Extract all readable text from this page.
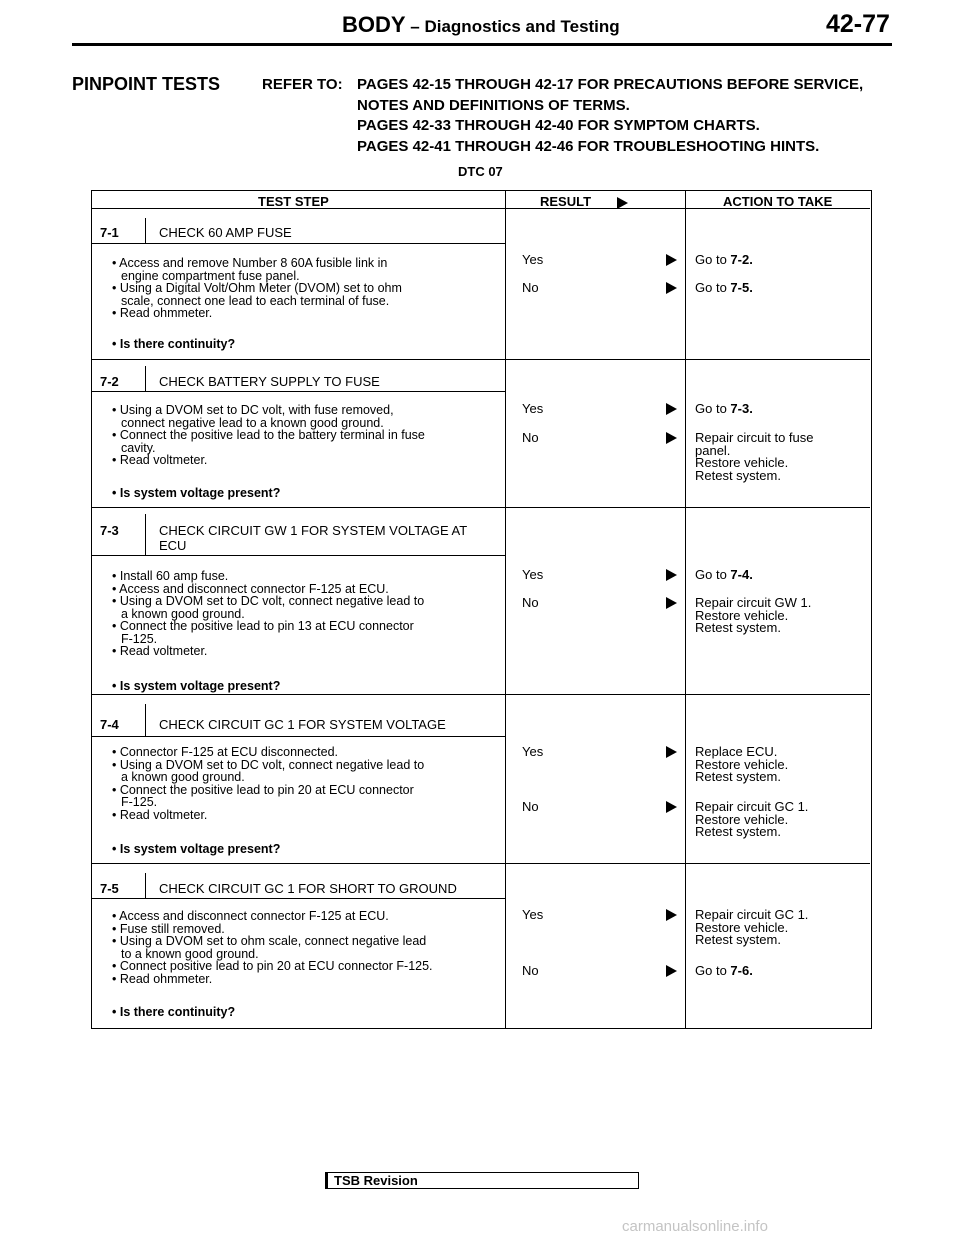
BODY – Diagnostics and Testing	42-77
PINPOINT TESTS	REFER TO: PAGES 42-15 THROUGH 42-17 FOR PRECAUTIONS BEFORE SERVICE,
NOTES AND DEFINITIONS OF TERMS.
PAGES 42-33 THROUGH 42-40 FOR SYMPTOM CHARTS.
PAGES 42-41 THROUGH 42-46 FOR TROUBLESHOOTING HINTS.
DTC 07
TEST STEP	RESULT	ACTION TO TAKE
7-1	CHECK 60 AMP FUSE
• Access and remove Number 8 60A fusible link in
engine compartment fuse panel.
• Using a Digital Volt/Ohm Meter (DVOM) set to ohm
scale, connect one lead to each terminal of fuse.
• Read ohmmeter.
• Is there continuity?
Yes	Go to 7-2.
No	Go to 7-5.
7-2	CHECK BATTERY SUPPLY TO FUSE
• Using a DVOM set to DC volt, with fuse removed,
connect negative lead to a known good ground.
• Connect the positive lead to the battery terminal in fuse
cavity.
• Read voltmeter.
• Is system voltage present?
Yes	Go to 7-3.
No	Repair circuit to fuse
panel.
Restore vehicle.
Retest system.
7-3	CHECK CIRCUIT GW 1 FOR SYSTEM VOLTAGE AT ECU
• Install 60 amp fuse.
• Access and disconnect connector F-125 at ECU.
• Using a DVOM set to DC volt, connect negative lead to
a known good ground.
• Connect the positive lead to pin 13 at ECU connector
F-125.
• Read voltmeter.
• Is system voltage present?
Yes	Go to 7-4.
No	Repair circuit GW 1.
Restore vehicle.
Retest system.
7-4	CHECK CIRCUIT GC 1 FOR SYSTEM VOLTAGE
• Connector F-125 at ECU disconnected.
• Using a DVOM set to DC volt, connect negative lead to
a known good ground.
• Connect the positive lead to pin 20 at ECU connector
F-125.
• Read voltmeter.
• Is system voltage present?
Yes	Replace ECU.
Restore vehicle.
Retest system.
No	Repair circuit GC 1.
Restore vehicle.
Retest system.
7-5	CHECK CIRCUIT GC 1 FOR SHORT TO GROUND
• Access and disconnect connector F-125 at ECU.
• Fuse still removed.
• Using a DVOM set to ohm scale, connect negative lead
to a known good ground.
• Connect positive lead to pin 20 at ECU connector F-125.
• Read ohmmeter.
• Is there continuity?
Yes	Repair circuit GC 1.
Restore vehicle.
Retest system.
No	Go to 7-6.
TSB Revision
carmanualsonline.info
